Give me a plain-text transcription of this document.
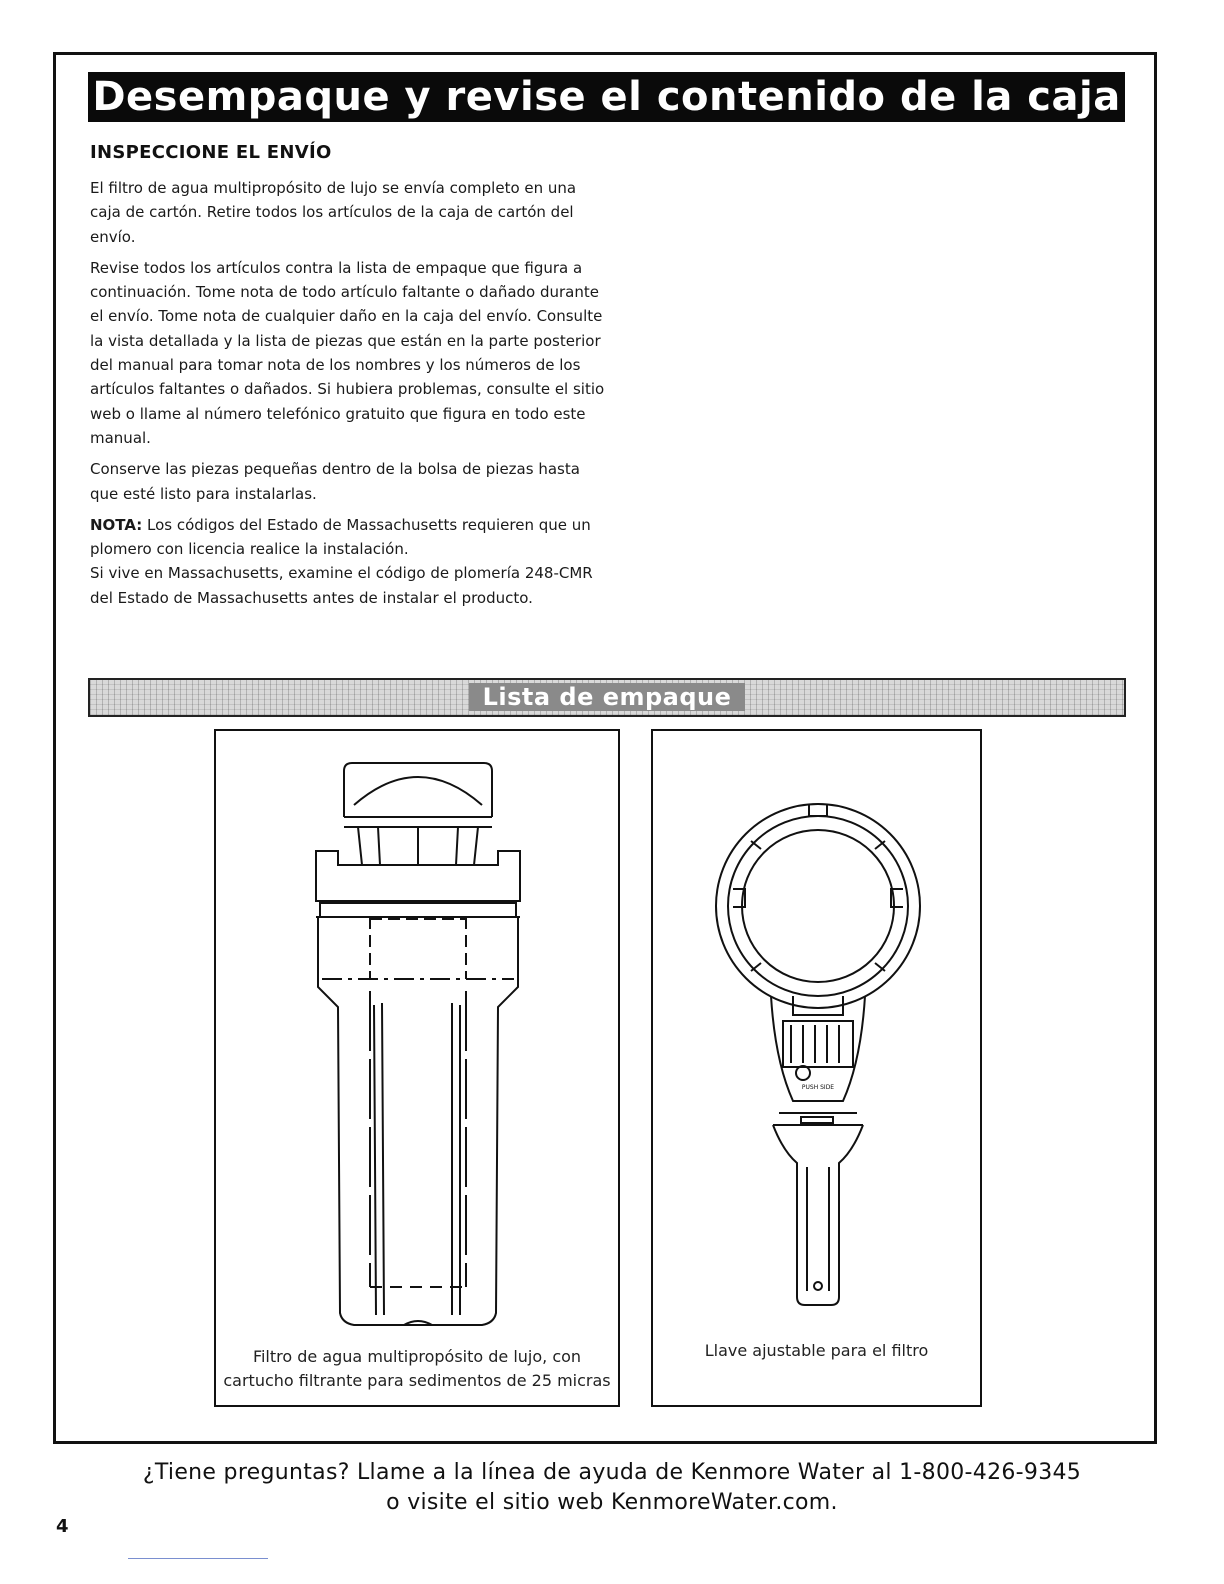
Desempaque y revise el contenido de la caja
INSPECCIONE EL ENVÍO

El filtro de agua multipropósito de lujo se envía completo en una caja de cartón. Retire todos los artículos de la caja de cartón del envío.

Revise todos los artículos contra la lista de empaque que figura a continuación. Tome nota de todo artículo faltante o dañado durante el envío. Tome nota de cualquier daño en la caja del envío. Consulte la vista detallada y la lista de piezas que están en la parte posterior del manual para tomar nota de los nombres y los números de los artículos faltantes o dañados. Si hubiera problemas, consulte el sitio web o llame al número telefónico gratuito que figura en todo este manual.

Conserve las piezas pequeñas dentro de la bolsa de piezas hasta que esté listo para instalarlas.

NOTA: Los códigos del Estado de Massachusetts requieren que un plomero con licencia realice la instalación.

Si vive en Massachusetts, examine el código de plomería 248-CMR del Estado de Massachusetts antes de instalar el producto.

Lista de empaque
Filtro de agua multipropósito de lujo, con
cartucho filtrante para sedimentos de 25 micras
PUSH SIDE
Llave ajustable para el filtro
¿Tiene preguntas? Llame a la línea de ayuda de Kenmore Water al 1-800-426-9345
o visite el sitio web KenmoreWater.com.
4
